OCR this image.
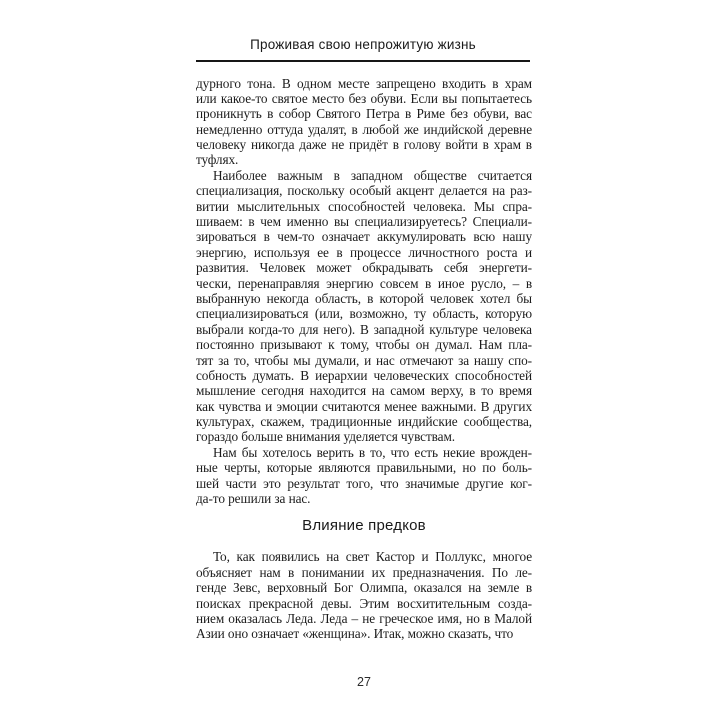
Проживая свою непрожитую жизнь
дурного тона. В одном месте запрещено входить в храм
или какое-то святое место без обуви. Если вы попытаетесь
проникнуть в собор Святого Петра в Риме без обуви, вас
немедленно оттуда удалят, в любой же индийской деревне
человеку никогда даже не придёт в голову войти в храм в
туфлях.
Наиболее важным в западном обществе считается
специализация, поскольку особый акцент делается на раз-
витии мыслительных способностей человека. Мы спра-
шиваем: в чем именно вы специализируетесь? Специали-
зироваться в чем-то означает аккумулировать всю нашу
энергию, используя ее в процессе личностного роста и
развития. Человек может обкрадывать себя энергети-
чески, перенаправляя энергию совсем в иное русло, – в
выбранную некогда область, в которой человек хотел бы
специализироваться (или, возможно, ту область, которую
выбрали когда-то для него). В западной культуре человека
постоянно призывают к тому, чтобы он думал. Нам пла-
тят за то, чтобы мы думали, и нас отмечают за нашу спо-
собность думать. В иерархии человеческих способностей
мышление сегодня находится на самом верху, в то время
как чувства и эмоции считаются менее важными. В других
культурах, скажем, традиционные индийские сообщества,
гораздо больше внимания уделяется чувствам.
Нам бы хотелось верить в то, что есть некие врожден-
ные черты, которые являются правильными, но по боль-
шей части это результат того, что значимые другие ког-
да-то решили за нас.
Влияние предков
То, как появились на свет Кастор и Поллукс, многое
объясняет нам в понимании их предназначения. По ле-
генде Зевс, верховный Бог Олимпа, оказался на земле в
поисках прекрасной девы. Этим восхитительным созда-
нием оказалась Леда. Леда – не греческое имя, но в Малой
Азии оно означает «женщина». Итак, можно сказать, что
27
